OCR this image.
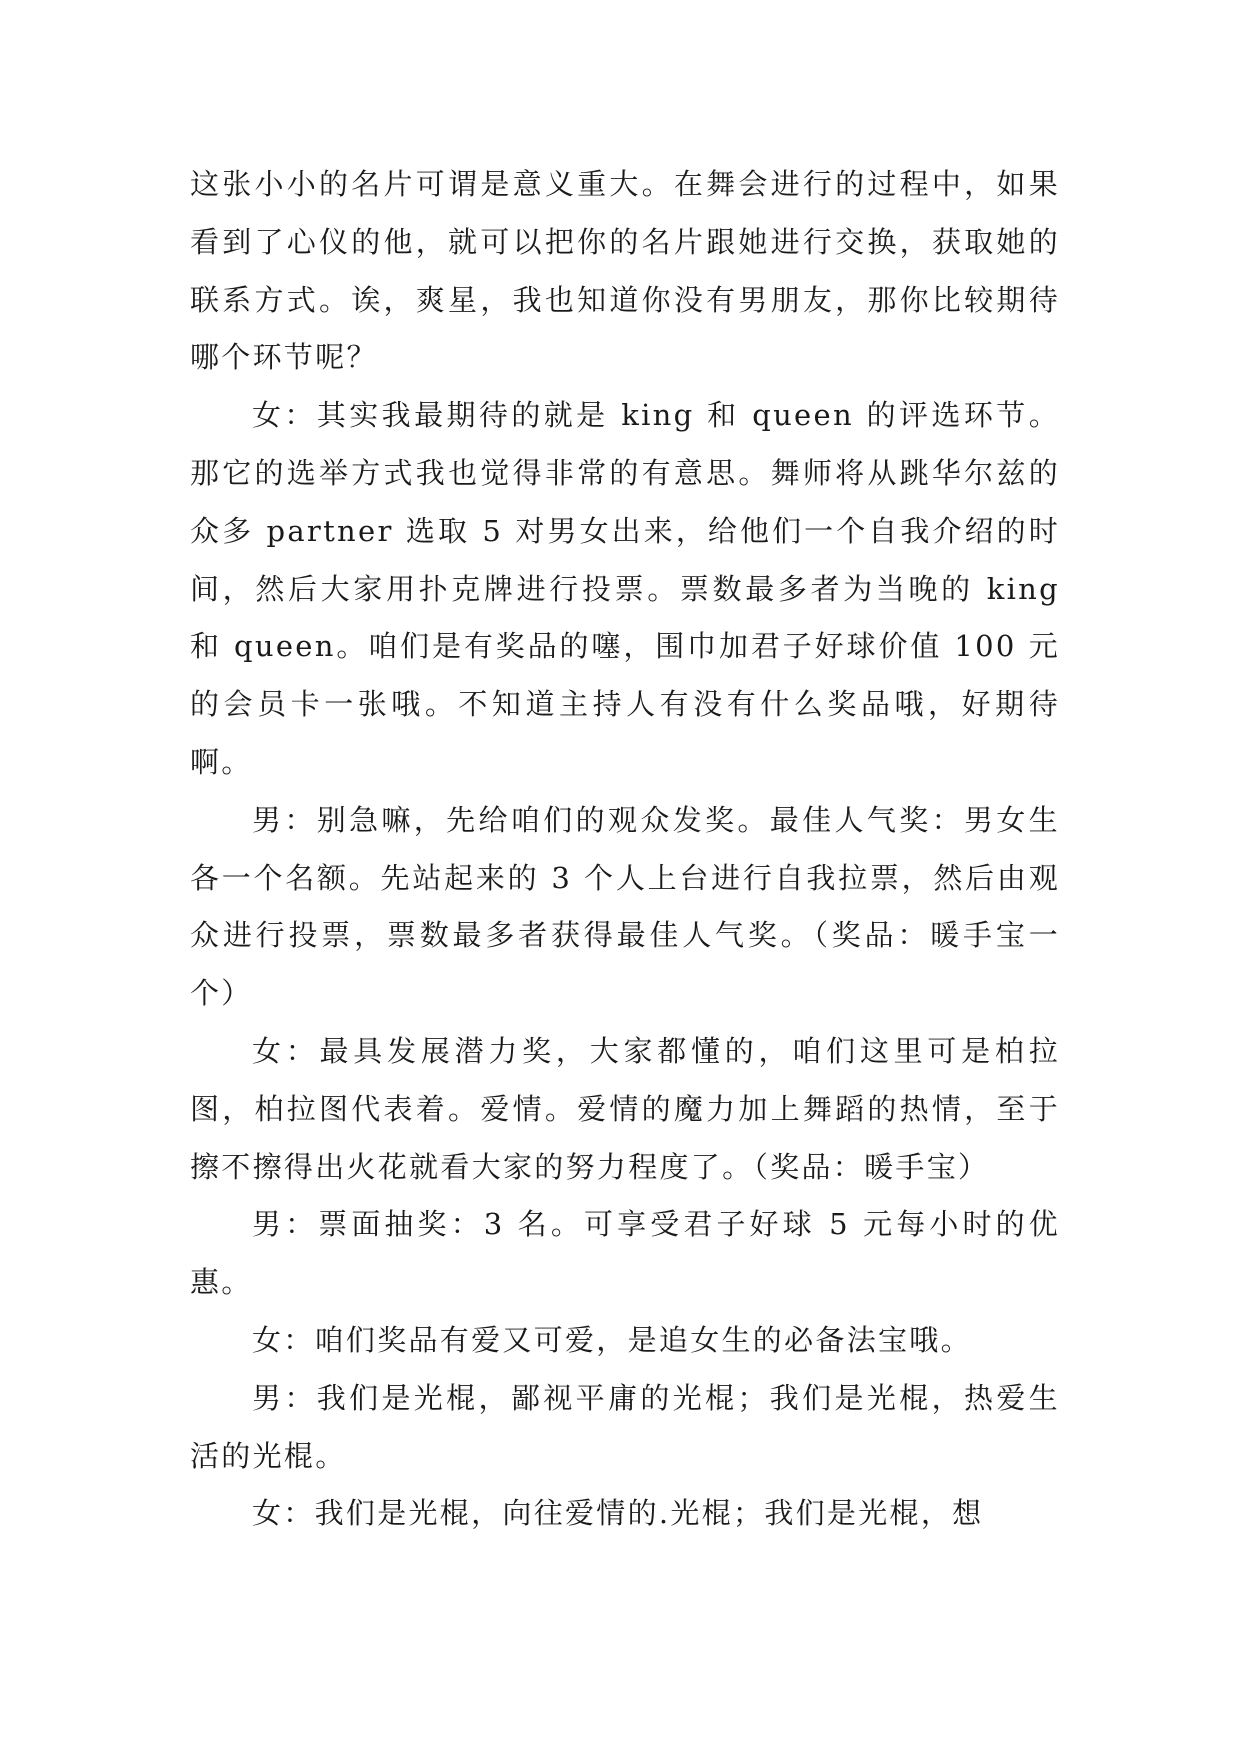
这张小小的名片可谓是意义重大。在舞会进行的过程中，如果看到了心仪的他，就可以把你的名片跟她进行交换，获取她的联系方式。诶，爽星，我也知道你没有男朋友，那你比较期待哪个环节呢？

女：其实我最期待的就是 king 和 queen 的评选环节。那它的选举方式我也觉得非常的有意思。舞师将从跳华尔兹的众多 partner 选取 5 对男女出来，给他们一个自我介绍的时间，然后大家用扑克牌进行投票。票数最多者为当晚的 king 和 queen。咱们是有奖品的噻，围巾加君子好球价值 100 元的会员卡一张哦。不知道主持人有没有什么奖品哦，好期待啊。

男：别急嘛，先给咱们的观众发奖。最佳人气奖：男女生各一个名额。先站起来的 3 个人上台进行自我拉票，然后由观众进行投票，票数最多者获得最佳人气奖。（奖品：暖手宝一个）

女：最具发展潜力奖，大家都懂的，咱们这里可是柏拉图，柏拉图代表着。爱情。爱情的魔力加上舞蹈的热情，至于擦不擦得出火花就看大家的努力程度了。（奖品：暖手宝）

男：票面抽奖：3 名。可享受君子好球 5 元每小时的优惠。

女：咱们奖品有爱又可爱，是追女生的必备法宝哦。

男：我们是光棍，鄙视平庸的光棍；我们是光棍，热爱生活的光棍。

女：我们是光棍，向往爱情的.光棍；我们是光棍，想
